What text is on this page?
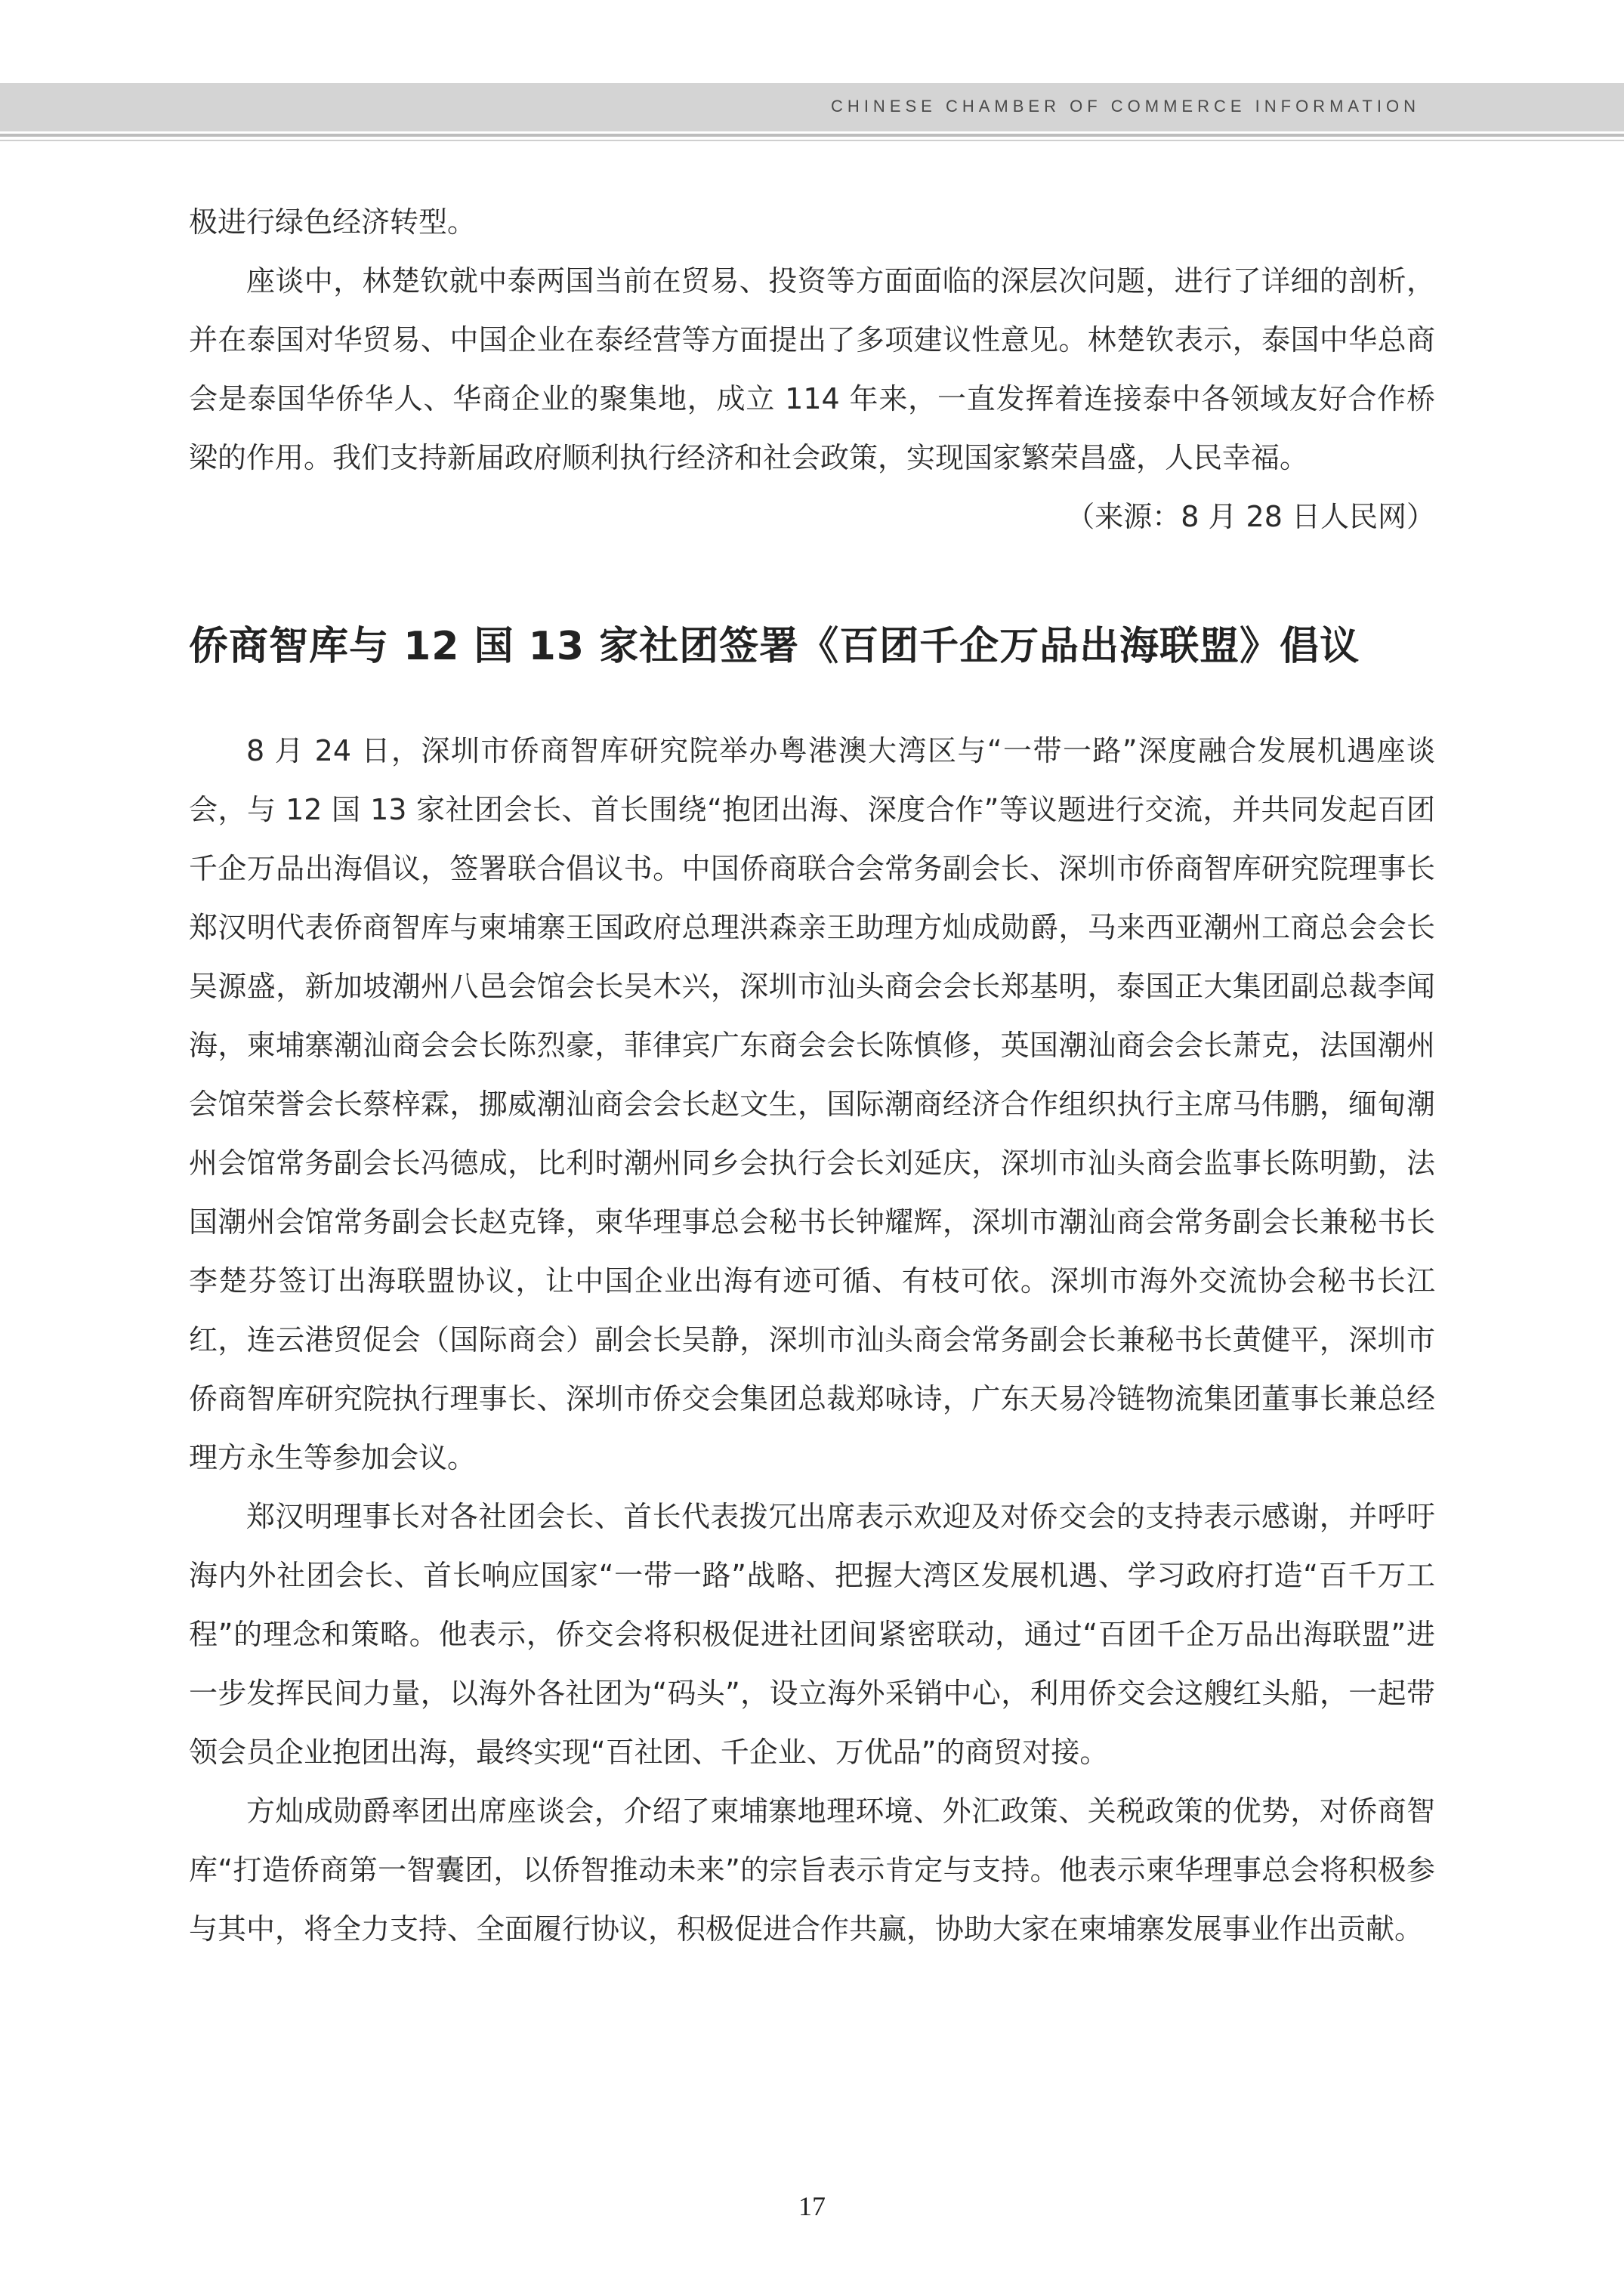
CHINESE CHAMBER OF COMMERCE INFORMATION

极进行绿色经济转型。

座谈中，林楚钦就中泰两国当前在贸易、投资等方面面临的深层次问题，进行了详细的剖析，并在泰国对华贸易、中国企业在泰经营等方面提出了多项建议性意见。林楚钦表示，泰国中华总商会是泰国华侨华人、华商企业的聚集地，成立 114 年来，一直发挥着连接泰中各领域友好合作桥梁的作用。我们支持新届政府顺利执行经济和社会政策，实现国家繁荣昌盛，人民幸福。

（来源：8 月 28 日人民网）

侨商智库与 12 国 13 家社团签署《百团千企万品出海联盟》倡议

8 月 24 日，深圳市侨商智库研究院举办粤港澳大湾区与“一带一路”深度融合发展机遇座谈会，与 12 国 13 家社团会长、首长围绕“抱团出海、深度合作”等议题进行交流，并共同发起百团千企万品出海倡议，签署联合倡议书。中国侨商联合会常务副会长、深圳市侨商智库研究院理事长郑汉明代表侨商智库与柬埔寨王国政府总理洪森亲王助理方灿成勋爵，马来西亚潮州工商总会会长吴源盛，新加坡潮州八邑会馆会长吴木兴，深圳市汕头商会会长郑基明，泰国正大集团副总裁李闻海，柬埔寨潮汕商会会长陈烈豪，菲律宾广东商会会长陈慎修，英国潮汕商会会长萧克，法国潮州会馆荣誉会长蔡梓霖，挪威潮汕商会会长赵文生，国际潮商经济合作组织执行主席马伟鹏，缅甸潮州会馆常务副会长冯德成，比利时潮州同乡会执行会长刘延庆，深圳市汕头商会监事长陈明勤，法国潮州会馆常务副会长赵克锋，柬华理事总会秘书长钟耀辉，深圳市潮汕商会常务副会长兼秘书长李楚芬签订出海联盟协议，让中国企业出海有迹可循、有枝可依。深圳市海外交流协会秘书长江红，连云港贸促会（国际商会）副会长吴静，深圳市汕头商会常务副会长兼秘书长黄健平，深圳市侨商智库研究院执行理事长、深圳市侨交会集团总裁郑咏诗，广东天易冷链物流集团董事长兼总经理方永生等参加会议。

郑汉明理事长对各社团会长、首长代表拨冗出席表示欢迎及对侨交会的支持表示感谢，并呼吁海内外社团会长、首长响应国家“一带一路”战略、把握大湾区发展机遇、学习政府打造“百千万工程”的理念和策略。他表示，侨交会将积极促进社团间紧密联动，通过“百团千企万品出海联盟”进一步发挥民间力量，以海外各社团为“码头”，设立海外采销中心，利用侨交会这艘红头船，一起带领会员企业抱团出海，最终实现“百社团、千企业、万优品”的商贸对接。

方灿成勋爵率团出席座谈会，介绍了柬埔寨地理环境、外汇政策、关税政策的优势，对侨商智库“打造侨商第一智囊团，以侨智推动未来”的宗旨表示肯定与支持。他表示柬华理事总会将积极参与其中，将全力支持、全面履行协议，积极促进合作共赢，协助大家在柬埔寨发展事业作出贡献。

17
